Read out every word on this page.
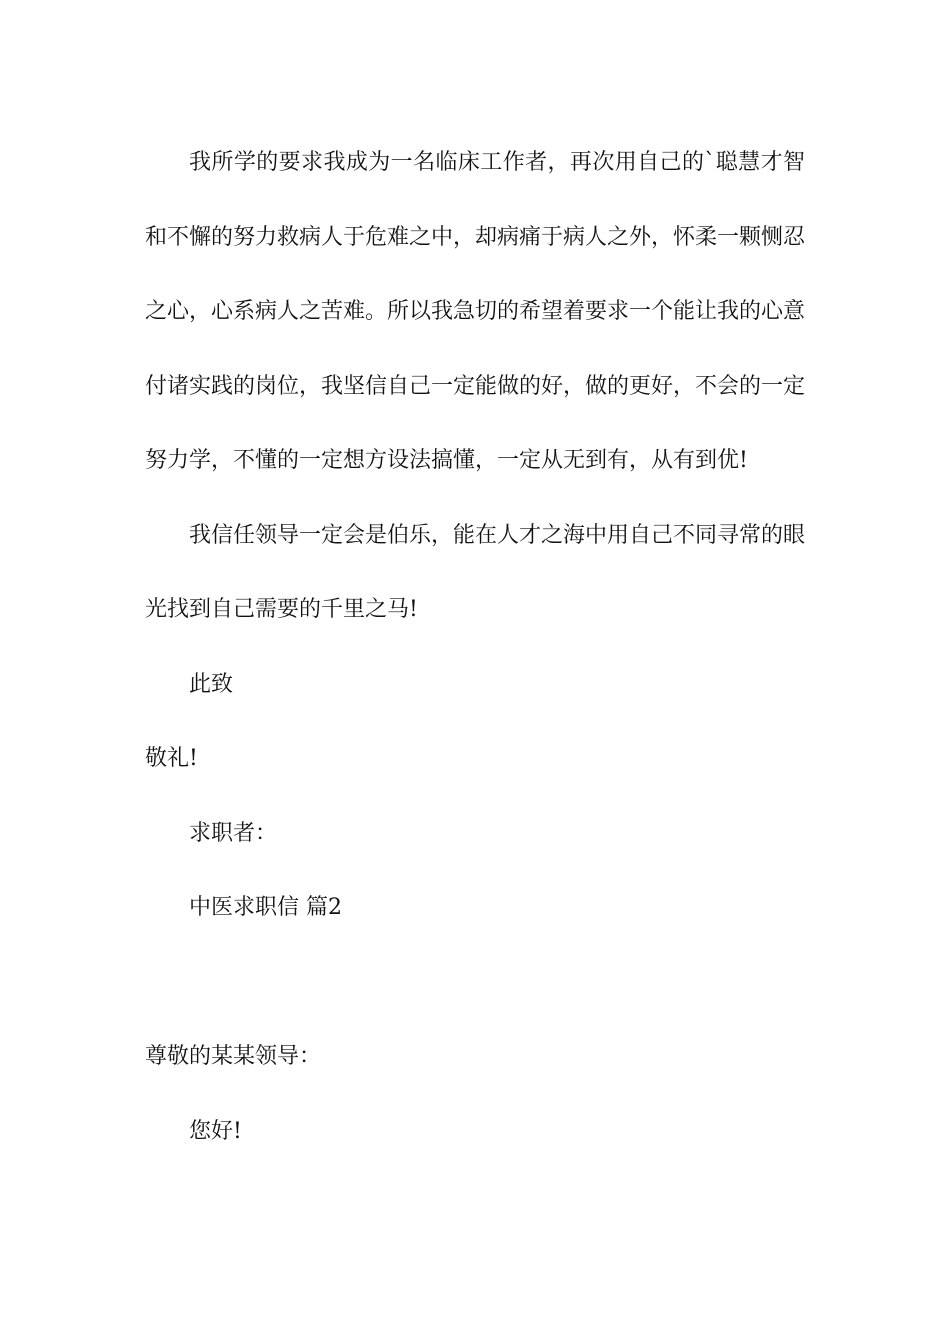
我所学的要求我成为一名临床工作者，再次用自己的`聪慧才智和不懈的努力救病人于危难之中，却病痛于病人之外，怀柔一颗恻忍之心，心系病人之苦难。所以我急切的希望着要求一个能让我的心意付诸实践的岗位，我坚信自己一定能做的好，做的更好，不会的一定努力学，不懂的一定想方设法搞懂，一定从无到有，从有到优!

我信任领导一定会是伯乐，能在人才之海中用自己不同寻常的眼光找到自己需要的千里之马!

此致
敬礼!
求职者：
中医求职信 篇2
尊敬的某某领导：
您好!
